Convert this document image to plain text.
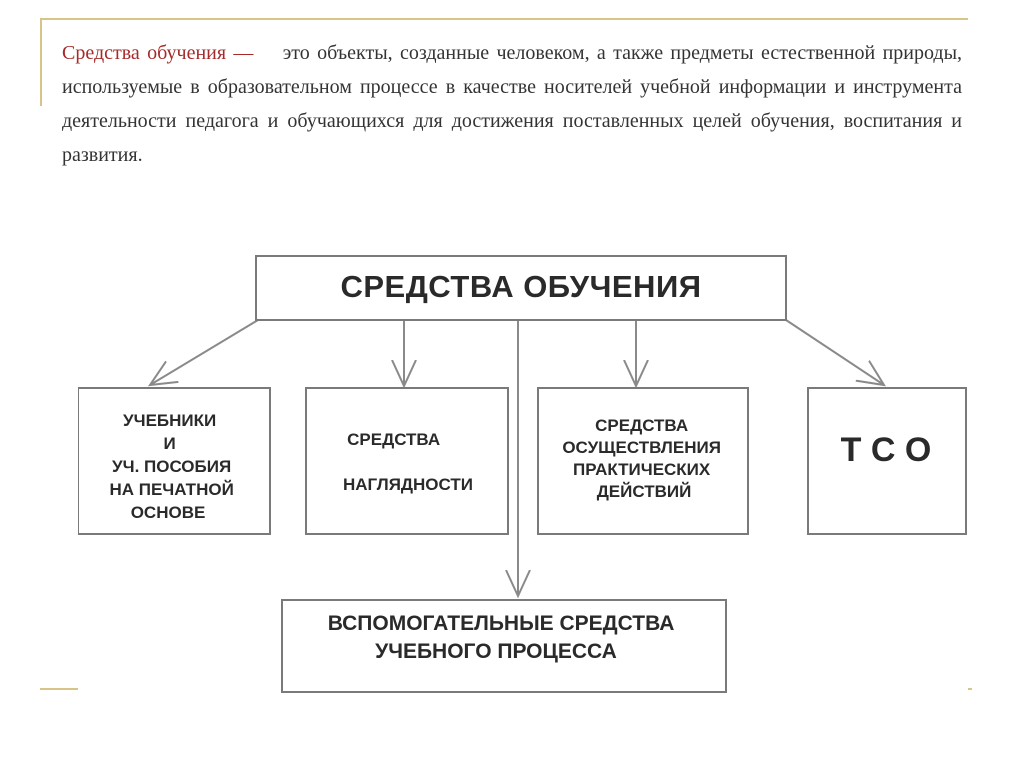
Средства обучения — это объекты, созданные человеком, а также предметы естественной природы, используемые в образовательном процессе в качестве носителей учебной информации и инструмента деятельности педагога и обучающихся для достижения поставленных целей обучения, воспитания и развития.

СРЕДСТВА ОБУЧЕНИЯ
УЧЕБНИКИ И УЧ. ПОСОБИЯ НА ПЕЧАТНОЙ ОСНОВЕ
СРЕДСТВА НАГЛЯДНОСТИ
СРЕДСТВА ОСУЩЕСТВЛЕНИЯ ПРАКТИЧЕСКИХ ДЕЙСТВИЙ
Т С О
ВСПОМОГАТЕЛЬНЫЕ СРЕДСТВА УЧЕБНОГО ПРОЦЕССА
